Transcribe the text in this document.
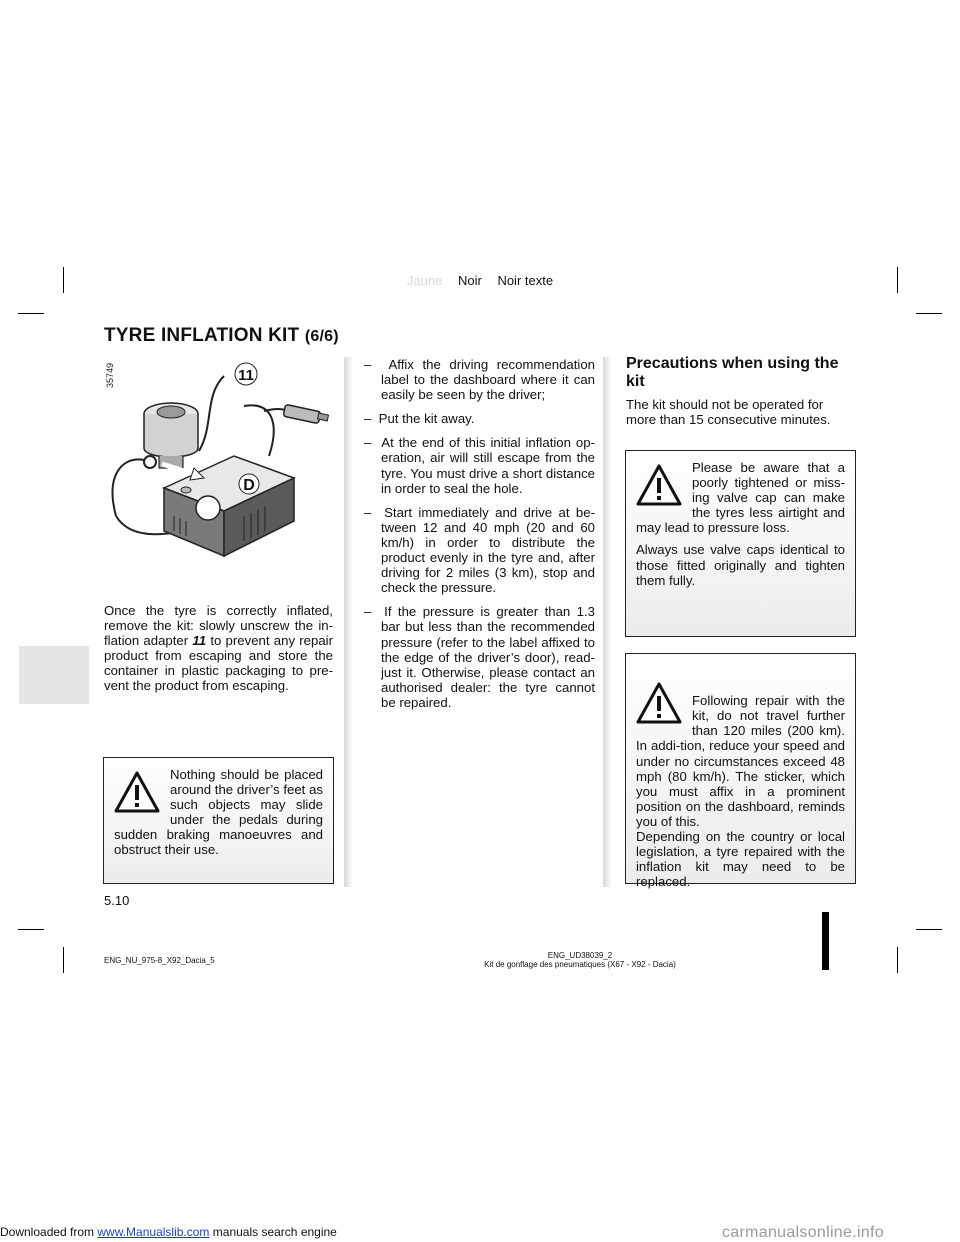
Jaune Noir Noir texte
TYRE INFLATION KIT (6/6)
35749	11
D
Once the tyre is correctly inflated, remove the kit: slowly unscrew the in-flation adapter 11 to prevent any repair product from escaping and store the container in plastic packaging to pre-vent the product from escaping.
Nothing should be placed around the driver’s feet as such objects may slide under the pedals during sudden braking manoeuvres and obstruct their use.

–  Affix the driving recommendation label to the dashboard where it can easily be seen by the driver;

–  Put the kit away.

–  At the end of this initial inflation op-eration, air will still escape from the tyre. You must drive a short distance in order to seal the hole.

–  Start immediately and drive at be-tween 12 and 40 mph (20 and 60 km/h) in order to distribute the product evenly in the tyre and, after driving for 2 miles (3 km), stop and check the pressure.

–  If the pressure is greater than 1.3 bar but less than the recommended pressure (refer to the label affixed to the edge of the driver’s door), read-just it. Otherwise, please contact an authorised dealer: the tyre cannot be repaired.

Precautions when using the kit
The kit should not be operated for more than 15 consecutive minutes.

Please be aware that a poorly tightened or miss-ing valve cap can make the tyres less airtight and may lead to pressure loss.

Always use valve caps identical to those fitted originally and tighten them fully.

Following repair with the kit, do not travel further than 120 miles (200 km). In addi-tion, reduce your speed and under no circumstances exceed 48 mph (80 km/h). The sticker, which you must affix in a prominent position on the dashboard, reminds you of this.
Depending on the country or local legislation, a tyre repaired with the inflation kit may need to be replaced.

5.10
ENG_NU_975-8_X92_Dacia_5
ENG_UD38039_2
Kit de gonflage des pneumatiques (X67 - X92 - Dacia)
Downloaded from www.Manualslib.com manuals search engine	carmanualsonline.info
